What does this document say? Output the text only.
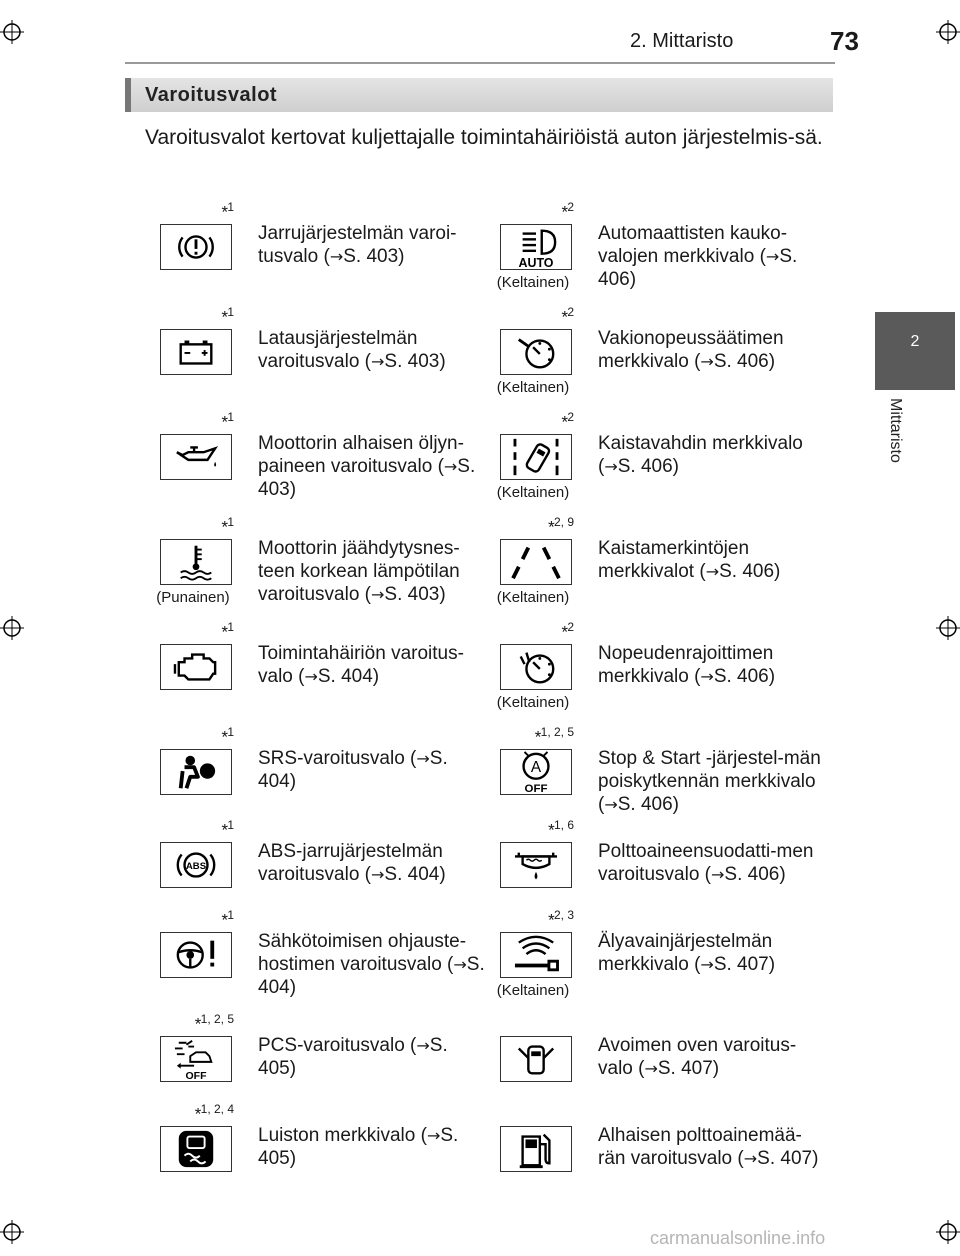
2. Mittaristo	73
2
Mittaristo
Varoitusvalot
Varoitusvalot kertovat kuljettajalle toimintahäiriöistä auton järjestelmis-sä.
*$^1$
Jarrujärjestelmän varoi-tusvalo (→S. 403)
*$^2$
AUTO
(Keltainen)
Automaattisten kauko-valojen merkkivalo (→S. 406)
*$^1$
Latausjärjestelmän varoitusvalo (→S. 403)
*$^2$
(Keltainen)
Vakionopeussäätimen merkkivalo (→S. 406)
*$^1$
Moottorin alhaisen öljyn-paineen varoitusvalo (→S. 403)
*$^2$
(Keltainen)
Kaistavahdin merkkivalo (→S. 406)
*$^1$
(Punainen)
Moottorin jäähdytysnes-teen korkean lämpötilan varoitusvalo (→S. 403)
*$^{2, 9}$
(Keltainen)
Kaistamerkintöjen merkkivalot (→S. 406)
*$^1$
Toimintahäiriön varoitus-valo (→S. 404)
*$^2$
(Keltainen)
Nopeudenrajoittimen merkkivalo (→S. 406)
*$^1$
SRS-varoitusvalo (→S. 404)
*$^{1, 2, 5}$
A
OFF
Stop & Start -järjestel-män poiskytkennän merkkivalo (→S. 406)
*$^1$
ABS
ABS-jarrujärjestelmän varoitusvalo (→S. 404)
*$^{1, 6}$
Polttoaineensuodatti-men varoitusvalo (→S. 406)
*$^1$
Sähkötoimisen ohjauste-hostimen varoitusvalo (→S. 404)
*$^{2, 3}$
(Keltainen)
Älyavainjärjestelmän merkkivalo (→S. 407)
*$^{1, 2, 5}$
OFF
PCS-varoitusvalo (→S. 405)
Avoimen oven varoitus-valo (→S. 407)
*$^{1, 2, 4}$
Luiston merkkivalo (→S. 405)
Alhaisen polttoainemää-rän varoitusvalo (→S. 407)
carmanualsonline.info
